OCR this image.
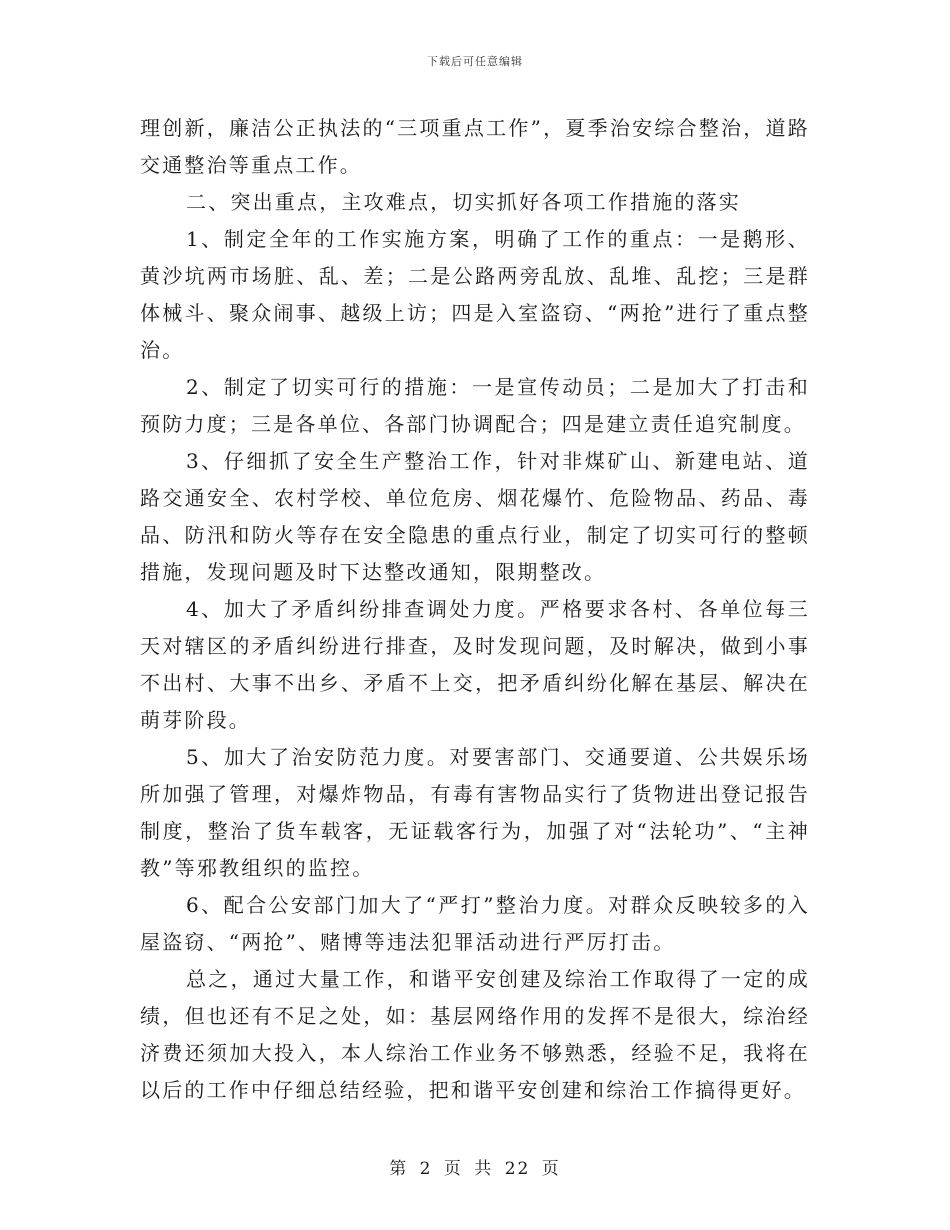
下载后可任意编辑

理创新，廉洁公正执法的“三项重点工作”，夏季治安综合整治，道路交通整治等重点工作。

二、突出重点，主攻难点，切实抓好各项工作措施的落实

1、制定全年的工作实施方案，明确了工作的重点：一是鹅形、黄沙坑两市场脏、乱、差；二是公路两旁乱放、乱堆、乱挖；三是群体械斗、聚众闹事、越级上访；四是入室盗窃、“两抢”进行了重点整治。

2、制定了切实可行的措施：一是宣传动员；二是加大了打击和预防力度；三是各单位、各部门协调配合；四是建立责任追究制度。

3、仔细抓了安全生产整治工作，针对非煤矿山、新建电站、道路交通安全、农村学校、单位危房、烟花爆竹、危险物品、药品、毒品、防汛和防火等存在安全隐患的重点行业，制定了切实可行的整顿措施，发现问题及时下达整改通知，限期整改。

4、加大了矛盾纠纷排查调处力度。严格要求各村、各单位每三天对辖区的矛盾纠纷进行排查，及时发现问题，及时解决，做到小事不出村、大事不出乡、矛盾不上交，把矛盾纠纷化解在基层、解决在萌芽阶段。

5、加大了治安防范力度。对要害部门、交通要道、公共娱乐场所加强了管理，对爆炸物品，有毒有害物品实行了货物进出登记报告制度，整治了货车载客，无证载客行为，加强了对“法轮功”、“主神教”等邪教组织的监控。

6、配合公安部门加大了“严打”整治力度。对群众反映较多的入屋盗窃、“两抢”、赌博等违法犯罪活动进行严厉打击。

总之，通过大量工作，和谐平安创建及综治工作取得了一定的成绩，但也还有不足之处，如：基层网络作用的发挥不是很大，综治经济费还须加大投入，本人综治工作业务不够熟悉，经验不足，我将在以后的工作中仔细总结经验，把和谐平安创建和综治工作搞得更好。

第 2 页 共 22 页
